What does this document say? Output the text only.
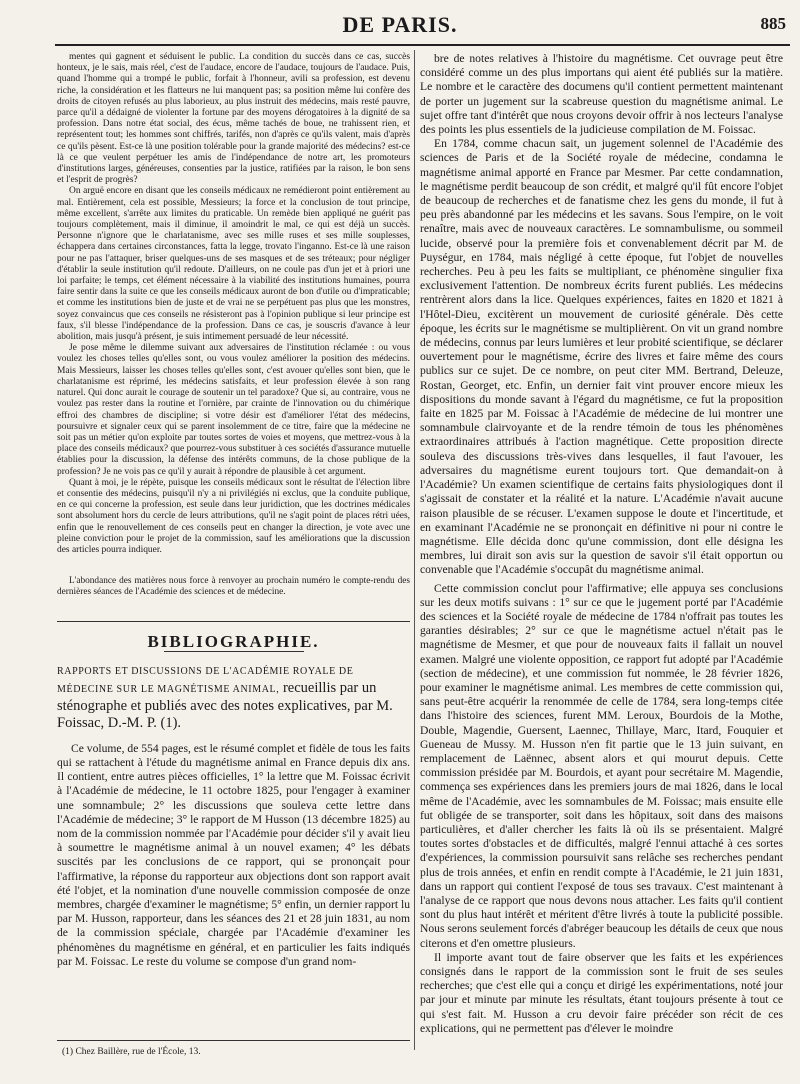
DE PARIS.	885

mentes qui gagnent et séduisent le public. La condition du succès dans ce cas, succès honteux, je le sais, mais réel, c'est de l'audace, encore de l'audace, toujours de l'audace. Puis, quand l'homme qui a trompé le public, forfait à l'honneur, avili sa profession, est devenu riche, la considération et les flatteurs ne lui manquent pas; sa position même lui confère des droits de citoyen refusés au plus laborieux, au plus instruit des médecins, mais resté pauvre, parce qu'il a dédaigné de violenter la fortune par des moyens dérogatoires à la dignité de sa profession. Dans notre état social, des écus, même tachés de boue, ne trahissent rien, et représentent tout; les hommes sont chiffrés, tarifés, non d'après ce qu'ils valent, mais d'après ce qu'ils pèsent. Est-ce là une position tolérable pour la grande majorité des médecins? est-ce là ce que veulent perpétuer les amis de l'indépendance de notre art, les promoteurs d'institutions larges, généreuses, consenties par la justice, ratifiées par la raison, le bon sens et l'esprit de progrès?

On arguë encore en disant que les conseils médicaux ne remédieront point entièrement au mal. Entièrement, cela est possible, Messieurs; la force et la conclusion de tout principe, même excellent, s'arrête aux limites du praticable. Un remède bien appliqué ne guérit pas toujours complètement, mais il diminue, il amoindrit le mal, ce qui est déjà un succès. Personne n'ignore que le charlatanisme, avec ses mille ruses et ses mille souplesses, échappera dans certaines circonstances, fatta la legge, trovato l'inganno. Est-ce là une raison pour ne pas l'attaquer, briser quelques-uns de ses masques et de ses tréteaux; pour négliger d'établir la seule institution qu'il redoute. D'ailleurs, on ne coule pas d'un jet et à priori une loi parfaite; le temps, cet élément nécessaire à la viabilité des institutions humaines, pourra faire sentir dans la suite ce que les conseils médicaux auront de bon d'utile ou d'impraticable; et comme les institutions bien de juste et de vrai ne se perpétuent pas plus que les monstres, soyez convaincus que ces conseils ne résisteront pas à l'opinion publique si leur principe est faux, s'il blesse l'indépendance de la profession. Dans ce cas, je souscris d'avance à leur abolition, mais jusqu'à présent, je suis intimement persuadé de leur nécessité.

Je pose même le dilemme suivant aux adversaires de l'institution réclamée : ou vous voulez les choses telles qu'elles sont, ou vous voulez améliorer la position des médecins. Mais Messieurs, laisser les choses telles qu'elles sont, c'est avouer qu'elles sont bien, que le charlatanisme est réprimé, les médecins satisfaits, et leur profession élevée à son rang naturel. Qui donc aurait le courage de soutenir un tel paradoxe? Que si, au contraire, vous ne voulez pas rester dans la routine et l'ornière, par crainte de l'innovation ou du chimérique effroi des chambres de discipline; si votre désir est d'améliorer l'état des médecins, poursuivre et signaler ceux qui se parent insolemment de ce titre, faire que la médecine ne soit pas un métier qu'on exploite par toutes sortes de voies et moyens, que mettrez-vous à la place des conseils médicaux? que pourrez-vous substituer à ces sociétés d'assurance mutuelle établies pour la discussion, la défense des intérêts communs, de la chose publique de la profession? Je ne vois pas ce qu'il y aurait à répondre de plausible à cet argument.

Quant à moi, je le répète, puisque les conseils médicaux sont le résultat de l'élection libre et consentie des médecins, puisqu'il n'y a ni privilégiés ni exclus, que la conduite publique, en ce qui concerne la profession, est seule dans leur juridiction, que les doctrines médicales sont absolument hors du cercle de leurs attributions, qu'il ne s'agit point de places rétri uées, enfin que le renouvellement de ces conseils peut en changer la direction, je vote avec une pleine conviction pour le projet de la commission, sauf les améliorations que la discussion des articles pourra indiquer.

L'abondance des matières nous force à renvoyer au prochain numéro le compte-rendu des dernières séances de l'Académie des sciences et de médecine.

BIBLIOGRAPHIE.
RAPPORTS ET DISCUSSIONS DE L'ACADÉMIE ROYALE DE MÉDECINE SUR LE MAGNÉTISME ANIMAL, recueillis par un sténographe et publiés avec des notes explicatives, par M. Foissac, D.-M. P. (1).

Ce volume, de 554 pages, est le résumé complet et fidèle de tous les faits qui se rattachent à l'étude du magnétisme animal en France depuis dix ans. Il contient, entre autres pièces officielles, 1° la lettre que M. Foissac écrivit à l'Académie de médecine, le 11 octobre 1825, pour l'engager à examiner une somnambule; 2° les discussions que souleva cette lettre dans l'Académie de médecine; 3° le rapport de M Husson (13 décembre 1825) au nom de la commission nommée par l'Académie pour décider s'il y avait lieu à soumettre le magnétisme animal à un nouvel examen; 4° les débats suscités par les conclusions de ce rapport, qui se prononçait pour l'affirmative, la réponse du rapporteur aux objections dont son rapport avait été l'objet, et la nomination d'une nouvelle commission composée de onze membres, chargée d'examiner le magnétisme; 5° enfin, un dernier rapport lu par M. Husson, rapporteur, dans les séances des 21 et 28 juin 1831, au nom de la commission spéciale, chargée par l'Académie d'examiner les phénomènes du magnétisme en général, et en particulier les faits indiqués par M. Foissac. Le reste du volume se compose d'un grand nom-

bre de notes relatives à l'histoire du magnétisme. Cet ouvrage peut être considéré comme un des plus importans qui aient été publiés sur la matière. Le nombre et le caractère des documens qu'il contient permettent maintenant de porter un jugement sur la scabreuse question du magnétisme animal. Le sujet offre tant d'intérêt que nous croyons devoir offrir à nos lecteurs l'analyse des points les plus essentiels de la judicieuse compilation de M. Foissac.

En 1784, comme chacun sait, un jugement solennel de l'Académie des sciences de Paris et de la Société royale de médecine, condamna le magnétisme animal apporté en France par Mesmer. Par cette condamnation, le magnétisme perdit beaucoup de son crédit, et malgré qu'il fût encore l'objet de beaucoup de recherches et de fanatisme chez les gens du monde, il fut à peu près abandonné par les médecins et les savans. Sous l'empire, on le voit renaître, mais avec de nouveaux caractères. Le somnambulisme, ou sommeil lucide, observé pour la première fois et convenablement décrit par M. de Puységur, en 1784, mais négligé à cette époque, fut l'objet de nouvelles recherches. Peu à peu les faits se multipliant, ce phénomène singulier fixa exclusivement l'attention. De nombreux écrits furent publiés. Les médecins rentrèrent alors dans la lice. Quelques expériences, faites en 1820 et 1821 à l'Hôtel-Dieu, excitèrent un mouvement de curiosité générale. Dès cette époque, les écrits sur le magnétisme se multiplièrent. On vit un grand nombre de médecins, connus par leurs lumières et leur probité scientifique, se déclarer ouvertement pour le magnétisme, écrire des livres et faire même des cours publics sur ce sujet. De ce nombre, on peut citer MM. Bertrand, Deleuze, Rostan, Georget, etc. Enfin, un dernier fait vint prouver encore mieux les dispositions du monde savant à l'égard du magnétisme, ce fut la proposition faite en 1825 par M. Foissac à l'Académie de médecine de lui montrer une somnambule clairvoyante et de la rendre témoin de tous les phénomènes extraordinaires attribués à l'action magnétique. Cette proposition directe souleva des discussions très-vives dans lesquelles, il faut l'avouer, les adversaires du magnétisme eurent toujours tort. Que demandait-on à l'Académie? Un examen scientifique de certains faits physiologiques dont il s'agissait de constater et la réalité et la nature. L'Académie n'avait aucune raison plausible de se récuser. L'examen suppose le doute et l'incertitude, et en examinant l'Académie ne se prononçait en définitive ni pour ni contre le magnétisme. Elle décida donc qu'une commission, dont elle désigna les membres, lui dirait son avis sur la question de savoir s'il était opportun ou convenable que l'Académie s'occupât du magnétisme animal.

Cette commission conclut pour l'affirmative; elle appuya ses conclusions sur les deux motifs suivans : 1° sur ce que le jugement porté par l'Académie des sciences et la Société royale de médecine de 1784 n'offrait pas toutes les garanties désirables; 2° sur ce que le magnétisme actuel n'était pas le magnétisme de Mesmer, et que pour de nouveaux faits il fallait un nouvel examen. Malgré une violente opposition, ce rapport fut adopté par l'Académie (section de médecine), et une commission fut nommée, le 28 février 1826, pour examiner le magnétisme animal. Les membres de cette commission qui, sans peut-être acquérir la renommée de celle de 1784, sera long-temps citée dans l'histoire des sciences, furent MM. Leroux, Bourdois de la Mothe, Double, Magendie, Guersent, Laennec, Thillaye, Marc, Itard, Fouquier et Gueneau de Mussy. M. Husson n'en fit partie que le 13 juin suivant, en remplacement de Laënnec, absent alors et qui mourut depuis. Cette commission présidée par M. Bourdois, et ayant pour secrétaire M. Magendie, commença ses expériences dans les premiers jours de mai 1826, dans le local même de l'Académie, avec les somnambules de M. Foissac; mais ensuite elle fut obligée de se transporter, soit dans les hôpitaux, soit dans des maisons particulières, et d'aller chercher les faits là où ils se présentaient. Malgré toutes sortes d'obstacles et de difficultés, malgré l'ennui attaché à ces sortes d'expériences, la commission poursuivit sans relâche ses recherches pendant plus de trois années, et enfin en rendit compte à l'Académie, le 21 juin 1831, dans un rapport qui contient l'exposé de tous ses travaux. C'est maintenant à l'analyse de ce rapport que nous devons nous attacher. Les faits qu'il contient sont du plus haut intérêt et méritent d'être livrés à toute la publicité possible. Nous serons seulement forcés d'abréger beaucoup les détails de ceux que nous citerons et d'en omettre plusieurs.

Il importe avant tout de faire observer que les faits et les expériences consignés dans le rapport de la commission sont le fruit de ses seules recherches; que c'est elle qui a conçu et dirigé les expérimentations, noté jour par jour et minute par minute les résultats, étant toujours présente à tout ce qui s'est fait. M. Husson a cru devoir faire précéder son récit de ces explications, qui ne permettent pas d'élever le moindre

(1) Chez Baillère, rue de l'École, 13.
